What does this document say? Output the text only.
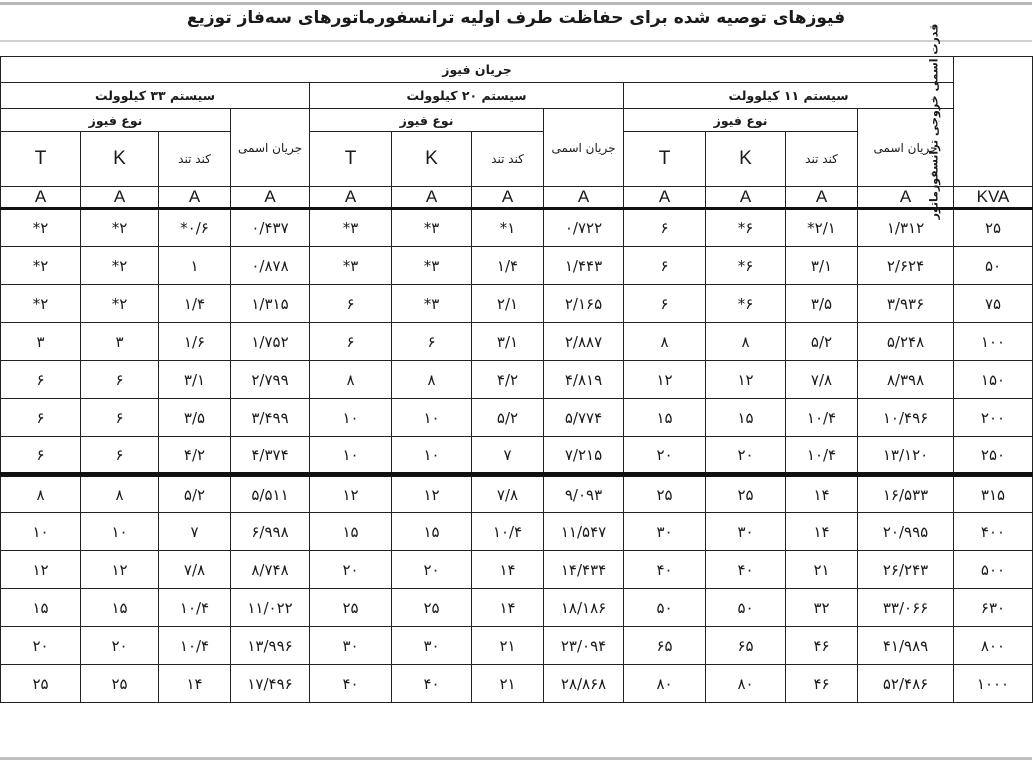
فیوزهای توصیه شده برای حفاظت طرف اولیه ترانسفورماتورهای سه‌فاز توزیع
قدرت اسمی خروجی ترانسفورماتور	جریان فیوز											
	سیستم ۱۱ کیلوولت				سیستم ۲۰ کیلوولت				سیستم ۳۳ کیلوولت			
	جریان اسمی	نوع فیوز			جریان اسمی	نوع فیوز			جریان اسمی	نوع فیوز		
		کند تند	K	T		کند تند	K	T		کند تند	K	T
KVA	A	A	A	A	A	A	A	A	A	A	A	A
۲۵	۱/۳۱۲	۲/۱*	۶*	۶	۰/۷۲۲	۱*	۳*	۳*	۰/۴۳۷	۰/۶*	۲*	۲*
۵۰	۲/۶۲۴	۳/۱	۶*	۶	۱/۴۴۳	۱/۴	۳*	۳*	۰/۸۷۸	۱	۲*	۲*
۷۵	۳/۹۳۶	۳/۵	۶*	۶	۲/۱۶۵	۲/۱	۳*	۶	۱/۳۱۵	۱/۴	۲*	۲*
۱۰۰	۵/۲۴۸	۵/۲	۸	۸	۲/۸۸۷	۳/۱	۶	۶	۱/۷۵۲	۱/۶	۳	۳
۱۵۰	۸/۳۹۸	۷/۸	۱۲	۱۲	۴/۸۱۹	۴/۲	۸	۸	۲/۷۹۹	۳/۱	۶	۶
۲۰۰	۱۰/۴۹۶	۱۰/۴	۱۵	۱۵	۵/۷۷۴	۵/۲	۱۰	۱۰	۳/۴۹۹	۳/۵	۶	۶
۲۵۰	۱۳/۱۲۰	۱۰/۴	۲۰	۲۰	۷/۲۱۵	۷	۱۰	۱۰	۴/۳۷۴	۴/۲	۶	۶
۳۱۵	۱۶/۵۳۳	۱۴	۲۵	۲۵	۹/۰۹۳	۷/۸	۱۲	۱۲	۵/۵۱۱	۵/۲	۸	۸
۴۰۰	۲۰/۹۹۵	۱۴	۳۰	۳۰	۱۱/۵۴۷	۱۰/۴	۱۵	۱۵	۶/۹۹۸	۷	۱۰	۱۰
۵۰۰	۲۶/۲۴۳	۲۱	۴۰	۴۰	۱۴/۴۳۴	۱۴	۲۰	۲۰	۸/۷۴۸	۷/۸	۱۲	۱۲
۶۳۰	۳۳/۰۶۶	۳۲	۵۰	۵۰	۱۸/۱۸۶	۱۴	۲۵	۲۵	۱۱/۰۲۲	۱۰/۴	۱۵	۱۵
۸۰۰	۴۱/۹۸۹	۴۶	۶۵	۶۵	۲۳/۰۹۴	۲۱	۳۰	۳۰	۱۳/۹۹۶	۱۰/۴	۲۰	۲۰
۱۰۰۰	۵۲/۴۸۶	۴۶	۸۰	۸۰	۲۸/۸۶۸	۲۱	۴۰	۴۰	۱۷/۴۹۶	۱۴	۲۵	۲۵
